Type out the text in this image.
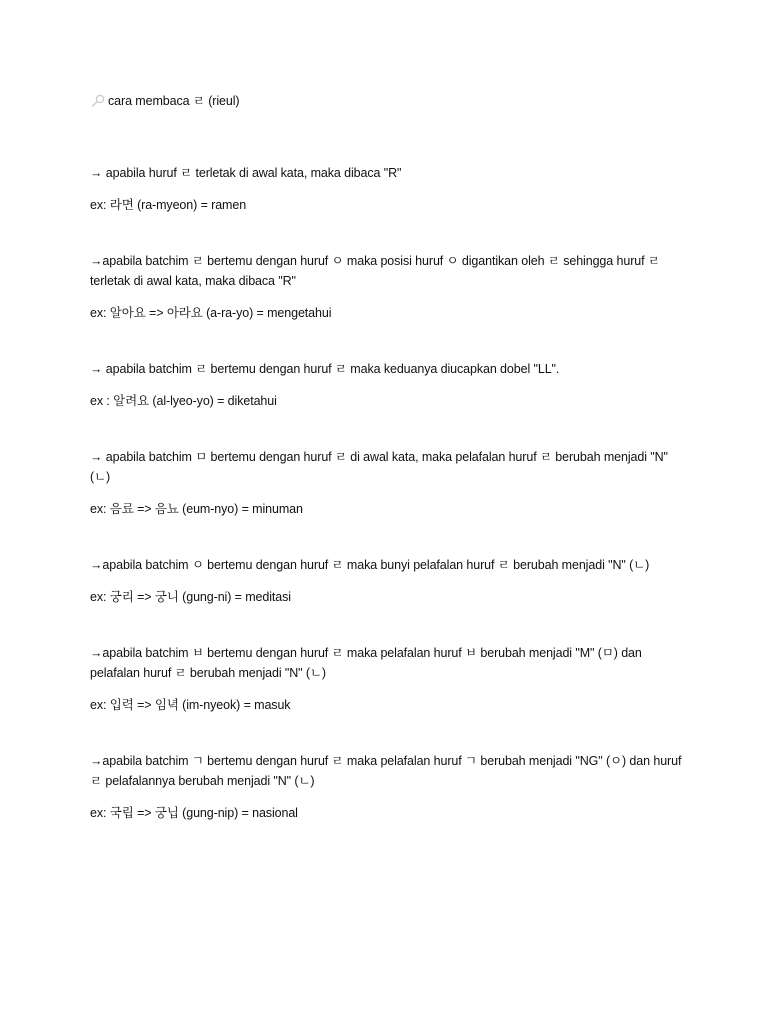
cara membaca ㄹ (rieul)

→ apabila huruf ㄹ terletak di awal kata, maka dibaca "R"

ex: 라면 (ra-myeon) = ramen

→apabila batchim ㄹ bertemu dengan huruf ㅇ maka posisi huruf ㅇ digantikan oleh ㄹ sehingga huruf ㄹ terletak di awal kata, maka dibaca "R"

ex: 알아요 => 아라요 (a-ra-yo) = mengetahui

→ apabila batchim ㄹ bertemu dengan huruf ㄹ maka keduanya diucapkan dobel "LL".

ex : 알려요 (al-lyeo-yo) = diketahui

→ apabila batchim ㅁ bertemu dengan huruf ㄹ di awal kata, maka pelafalan huruf ㄹ berubah menjadi "N" (ㄴ)

ex: 음료 => 음뇨 (eum-nyo) = minuman

→apabila batchim ㅇ bertemu dengan huruf ㄹ maka bunyi pelafalan huruf ㄹ berubah menjadi "N" (ㄴ)

ex: 궁리 => 궁니 (gung-ni) = meditasi

→apabila batchim ㅂ bertemu dengan huruf ㄹ maka pelafalan huruf ㅂ berubah menjadi "M" (ㅁ) dan pelafalan huruf ㄹ berubah menjadi "N" (ㄴ)

ex: 입력 => 임녁 (im-nyeok) = masuk

→apabila batchim ㄱ bertemu dengan huruf ㄹ maka pelafalan huruf ㄱ berubah menjadi "NG" (ㅇ) dan huruf ㄹ pelafalannya berubah menjadi "N" (ㄴ)

ex: 국립 => 궁닙 (gung-nip) = nasional
